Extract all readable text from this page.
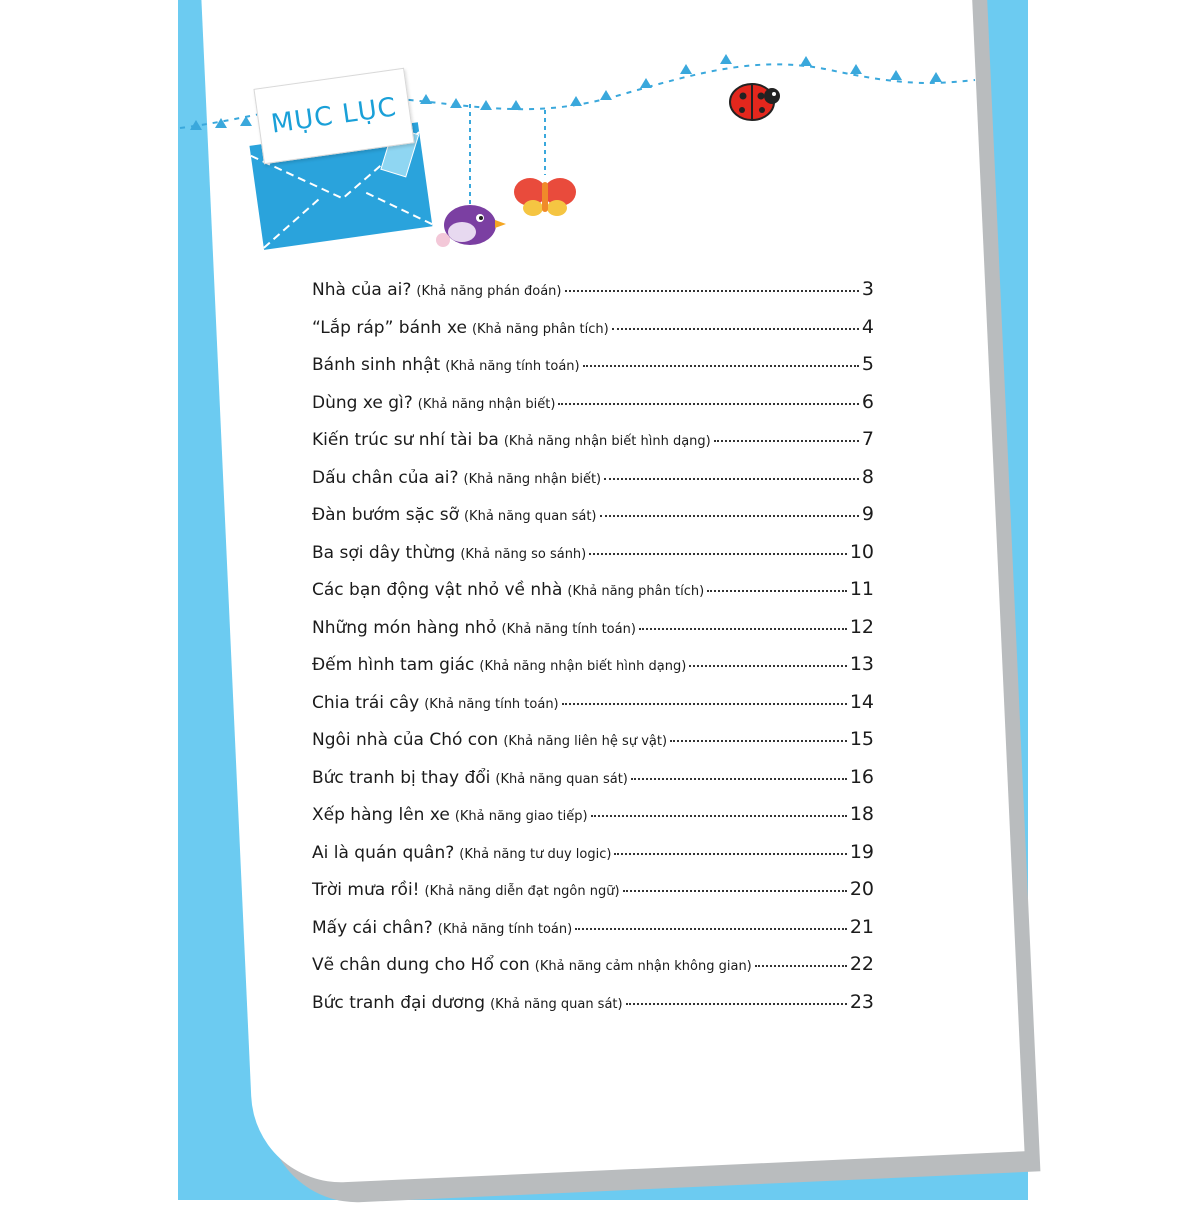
MỤC LỤC
Nhà của ai? (Khả năng phán đoán)	3
“Lắp ráp” bánh xe (Khả năng phân tích)	4
Bánh sinh nhật (Khả năng tính toán)	5
Dùng xe gì? (Khả năng nhận biết)	6
Kiến trúc sư nhí tài ba (Khả năng nhận biết hình dạng)	7
Dấu chân của ai? (Khả năng nhận biết)	8
Đàn bướm sặc sỡ (Khả năng quan sát)	9
Ba sợi dây thừng (Khả năng so sánh)	10
Các bạn động vật nhỏ về nhà (Khả năng phân tích)	11
Những món hàng nhỏ (Khả năng tính toán)	12
Đếm hình tam giác (Khả năng nhận biết hình dạng)	13
Chia trái cây (Khả năng tính toán)	14
Ngôi nhà của Chó con (Khả năng liên hệ sự vật)	15
Bức tranh bị thay đổi (Khả năng quan sát)	16
Xếp hàng lên xe (Khả năng giao tiếp)	18
Ai là quán quân? (Khả năng tư duy logic)	19
Trời mưa rồi! (Khả năng diễn đạt ngôn ngữ)	20
Mấy cái chân? (Khả năng tính toán)	21
Vẽ chân dung cho Hổ con (Khả năng cảm nhận không gian)	22
Bức tranh đại dương (Khả năng quan sát)	23
